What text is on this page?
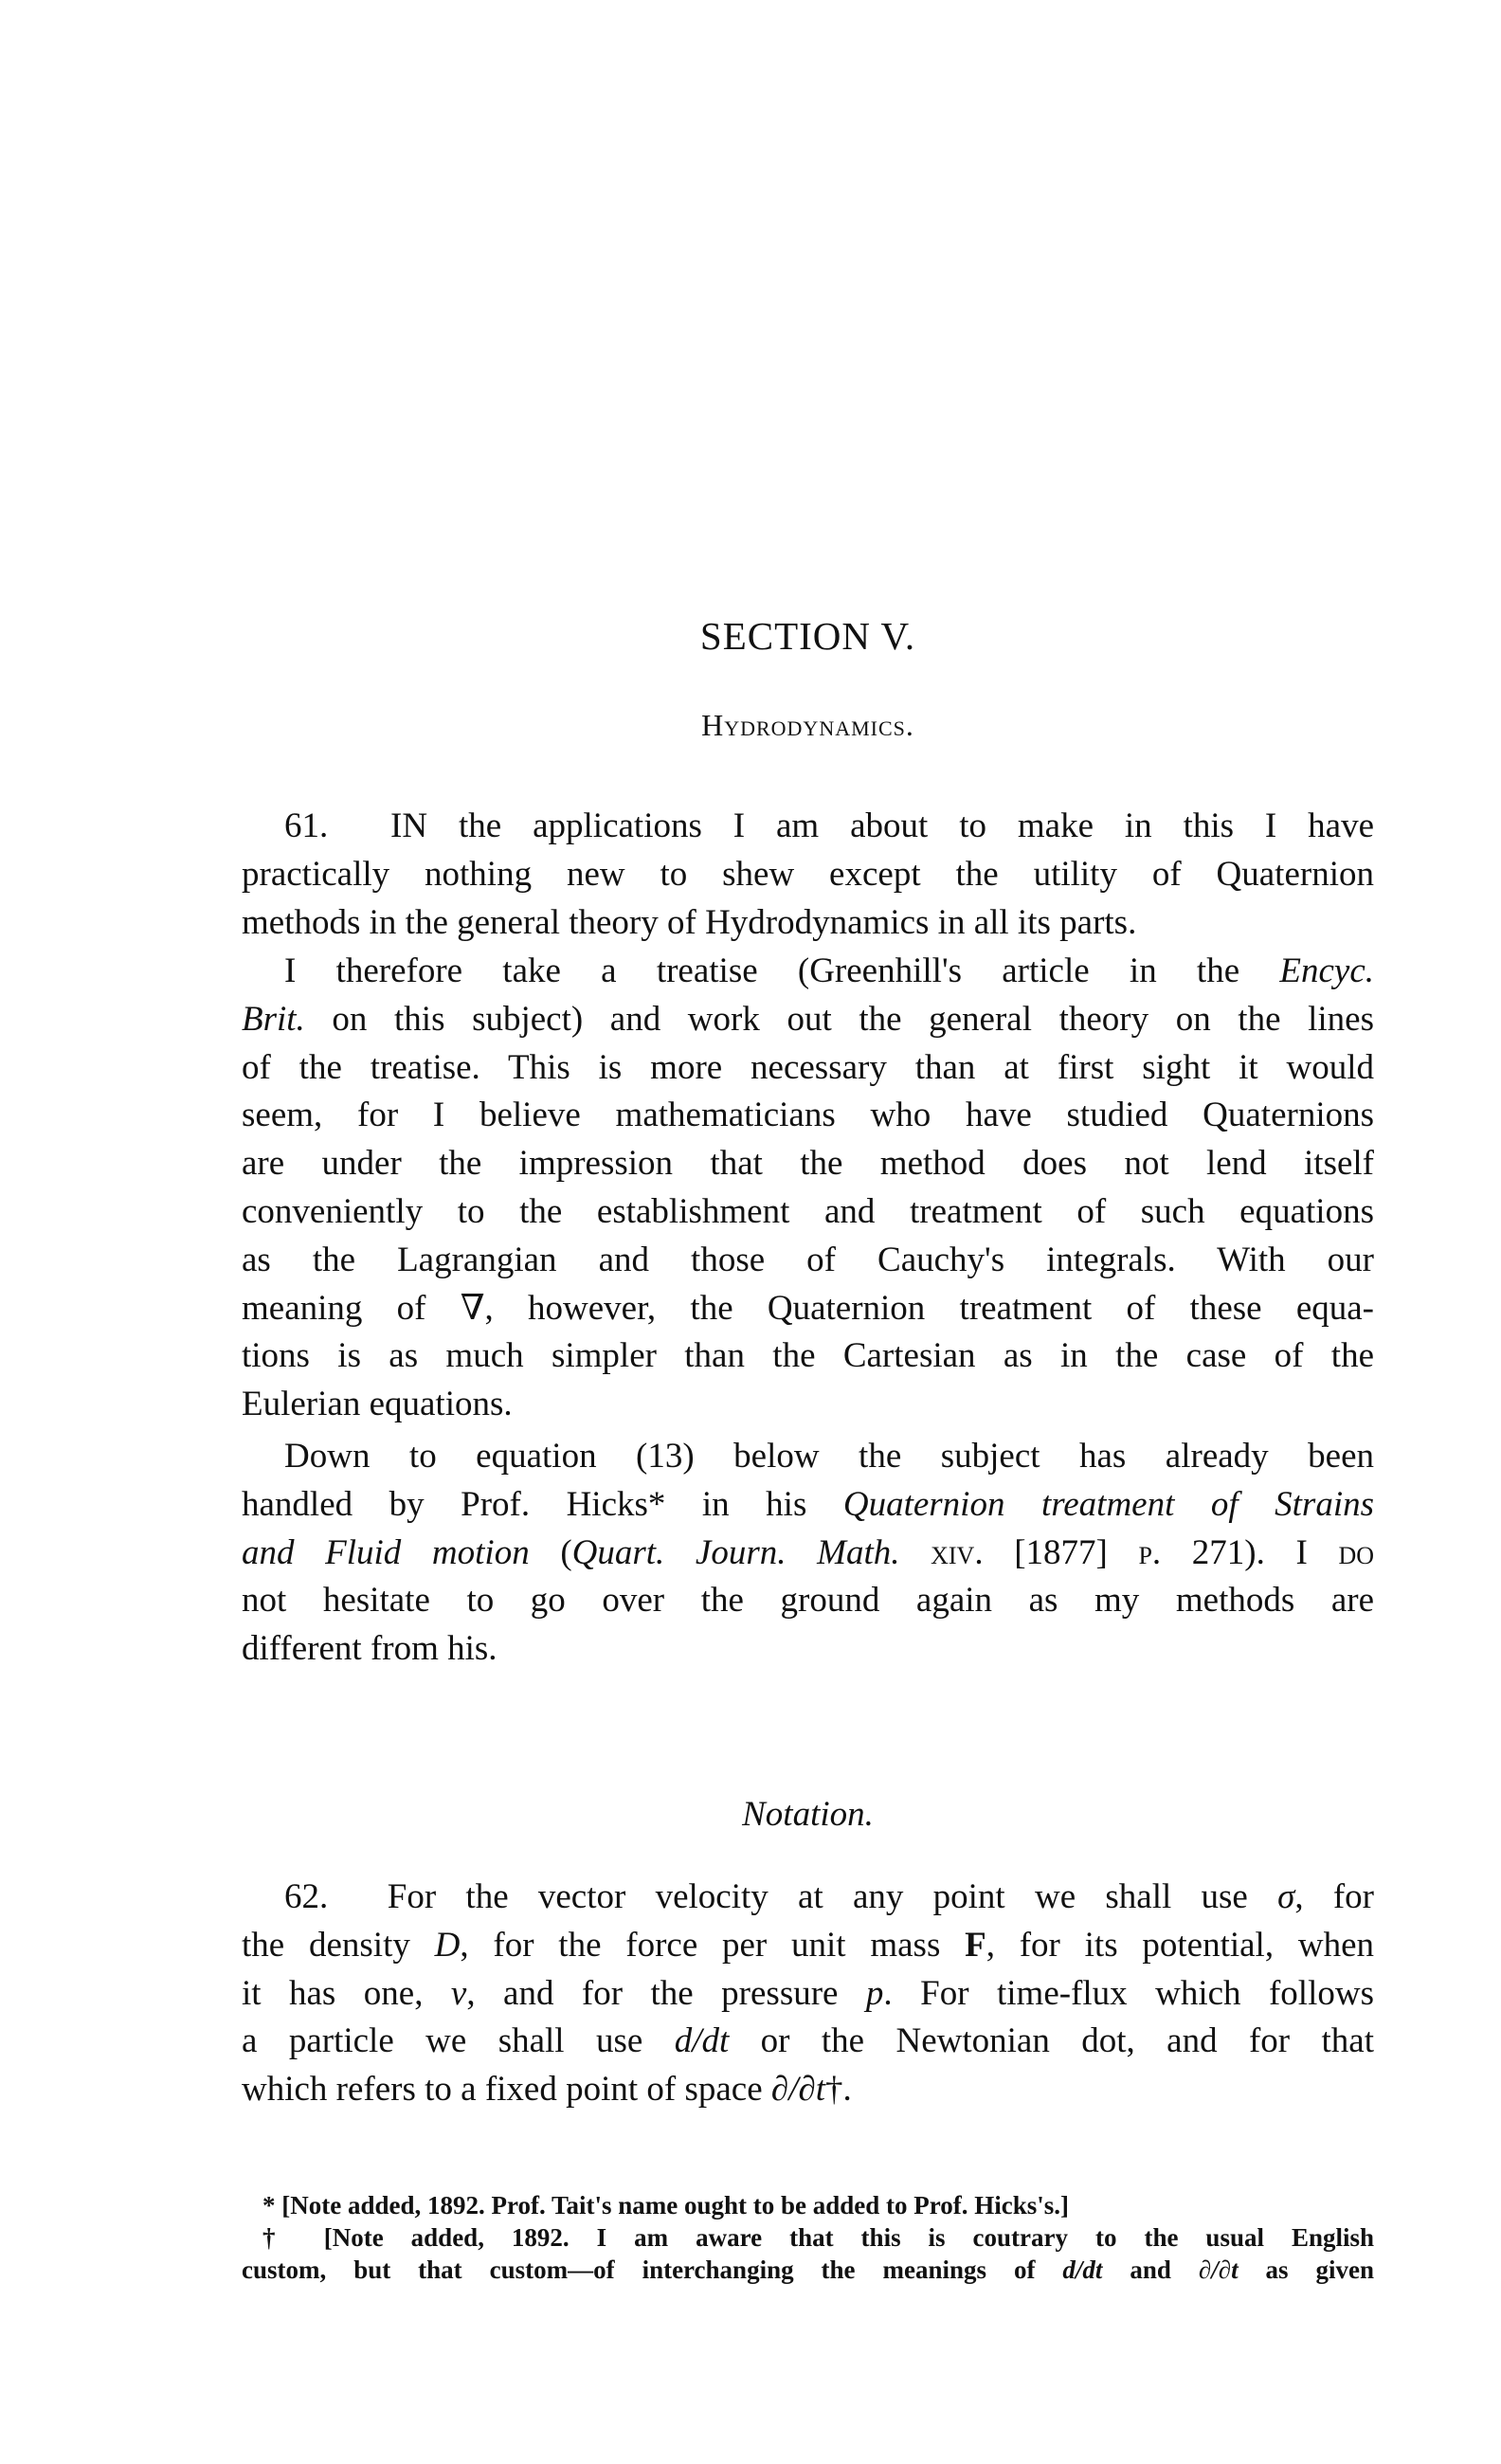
SECTION V.
Hydrodynamics.
61. IN the applications I am about to make in this I have
practically nothing new to shew except the utility of Quaternion
methods in the general theory of Hydrodynamics in all its parts.
I therefore take a treatise (Greenhill's article in the Encyc.
Brit. on this subject) and work out the general theory on the lines
of the treatise. This is more necessary than at first sight it would
seem, for I believe mathematicians who have studied Quaternions
are under the impression that the method does not lend itself
conveniently to the establishment and treatment of such equations
as the Lagrangian and those of Cauchy's integrals. With our
meaning of ∇, however, the Quaternion treatment of these equa-
tions is as much simpler than the Cartesian as in the case of the
Eulerian equations.
Down to equation (13) below the subject has already been
handled by Prof. Hicks* in his Quaternion treatment of Strains
and Fluid motion (Quart. Journ. Math. xiv. [1877] p. 271). I do
not hesitate to go over the ground again as my methods are
different from his.
Notation.
62. For the vector velocity at any point we shall use σ, for
the density D, for the force per unit mass F, for its potential, when
it has one, v, and for the pressure p. For time-flux which follows
a particle we shall use d/dt or the Newtonian dot, and for that
which refers to a fixed point of space ∂/∂t†.
* [Note added, 1892. Prof. Tait's name ought to be added to Prof. Hicks's.]
† [Note added, 1892. I am aware that this is coutrary to the usual English
custom, but that custom—of interchanging the meanings of d/dt and ∂/∂t as given
